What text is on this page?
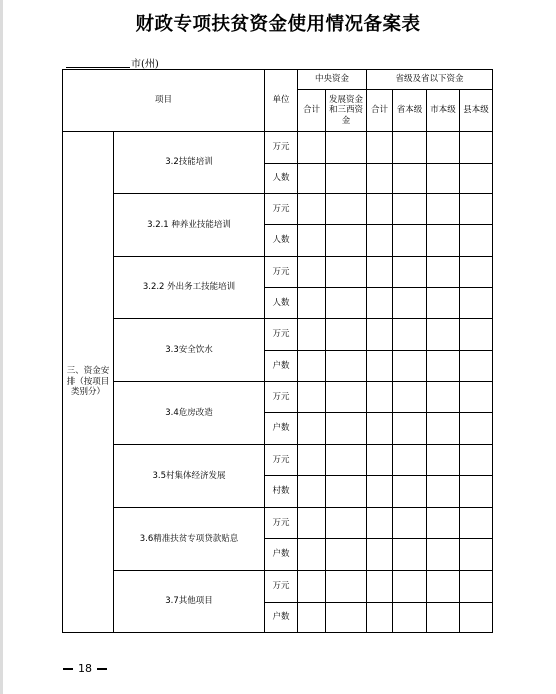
财政专项扶贫资金使用情况备案表
市(州)
项目		单位	中央资金		省级及省以下资金			
			合计	发展资金和三西资金	合计	省本级	市本级	县本级

三、资金安排（按项目类别分）	3.2技能培训	万元						
		人数						
	3.2.1 种养业技能培训	万元						
		人数						
	3.2.2 外出务工技能培训	万元						
		人数						
	3.3安全饮水	万元						
		户数						
	3.4危房改造	万元						
		户数						
	3.5村集体经济发展	万元						
		村数						
	3.6精准扶贫专项贷款贴息	万元						
		户数						
	3.7其他项目	万元						
		户数						
18
